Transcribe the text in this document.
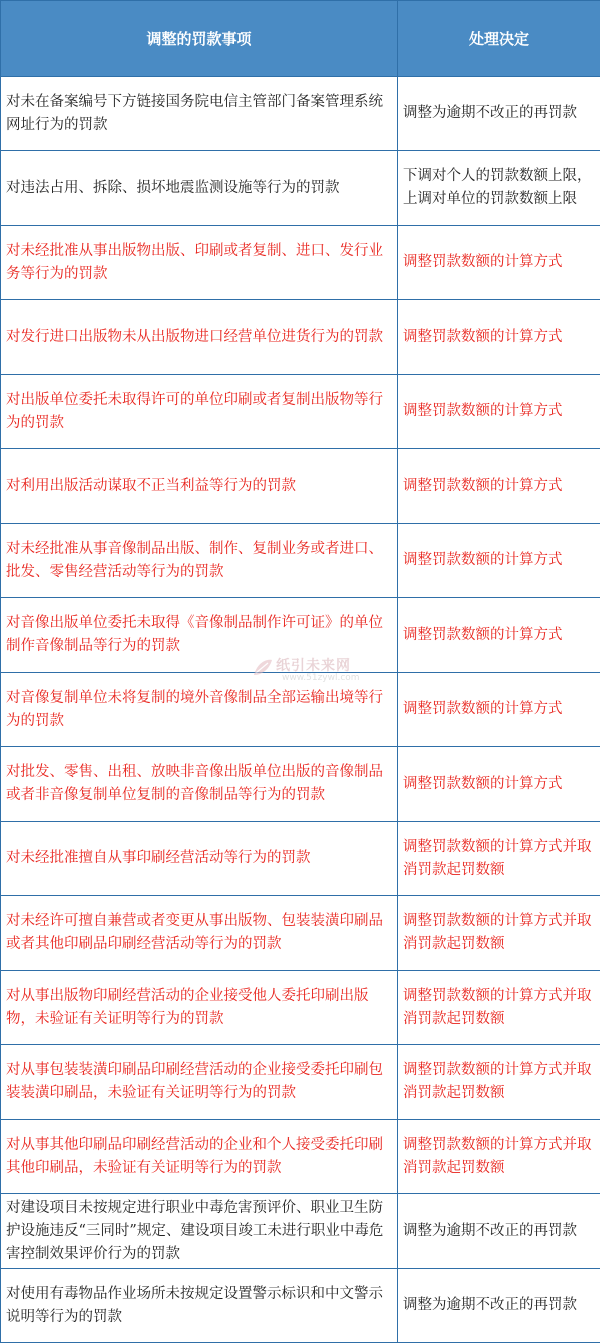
调整的罚款事项	处理决定
对未在备案编号下方链接国务院电信主管部门备案管理系统网址行为的罚款	调整为逾期不改正的再罚款
对违法占用、拆除、损坏地震监测设施等行为的罚款	下调对个人的罚款数额上限，上调对单位的罚款数额上限
对未经批准从事出版物出版、印刷或者复制、进口、发行业务等行为的罚款	调整罚款数额的计算方式
对发行进口出版物未从出版物进口经营单位进货行为的罚款	调整罚款数额的计算方式
对出版单位委托未取得许可的单位印刷或者复制出版物等行为的罚款	调整罚款数额的计算方式
对利用出版活动谋取不正当利益等行为的罚款	调整罚款数额的计算方式
对未经批准从事音像制品出版、制作、复制业务或者进口、批发、零售经营活动等行为的罚款	调整罚款数额的计算方式
对音像出版单位委托未取得《音像制品制作许可证》的单位制作音像制品等行为的罚款	调整罚款数额的计算方式
对音像复制单位未将复制的境外音像制品全部运输出境等行为的罚款	调整罚款数额的计算方式
对批发、零售、出租、放映非音像出版单位出版的音像制品或者非音像复制单位复制的音像制品等行为的罚款	调整罚款数额的计算方式
对未经批准擅自从事印刷经营活动等行为的罚款	调整罚款数额的计算方式并取消罚款起罚数额
对未经许可擅自兼营或者变更从事出版物、包装装潢印刷品或者其他印刷品印刷经营活动等行为的罚款	调整罚款数额的计算方式并取消罚款起罚数额
对从事出版物印刷经营活动的企业接受他人委托印刷出版物，未验证有关证明等行为的罚款	调整罚款数额的计算方式并取消罚款起罚数额
对从事包装装潢印刷品印刷经营活动的企业接受委托印刷包装装潢印刷品，未验证有关证明等行为的罚款	调整罚款数额的计算方式并取消罚款起罚数额
对从事其他印刷品印刷经营活动的企业和个人接受委托印刷其他印刷品，未验证有关证明等行为的罚款	调整罚款数额的计算方式并取消罚款起罚数额
对建设项目未按规定进行职业中毒危害预评价、职业卫生防护设施违反“三同时”规定、建设项目竣工未进行职业中毒危害控制效果评价行为的罚款	调整为逾期不改正的再罚款
对使用有毒物品作业场所未按规定设置警示标识和中文警示说明等行为的罚款	调整为逾期不改正的再罚款
纸引未来网
www.51zywl.com
